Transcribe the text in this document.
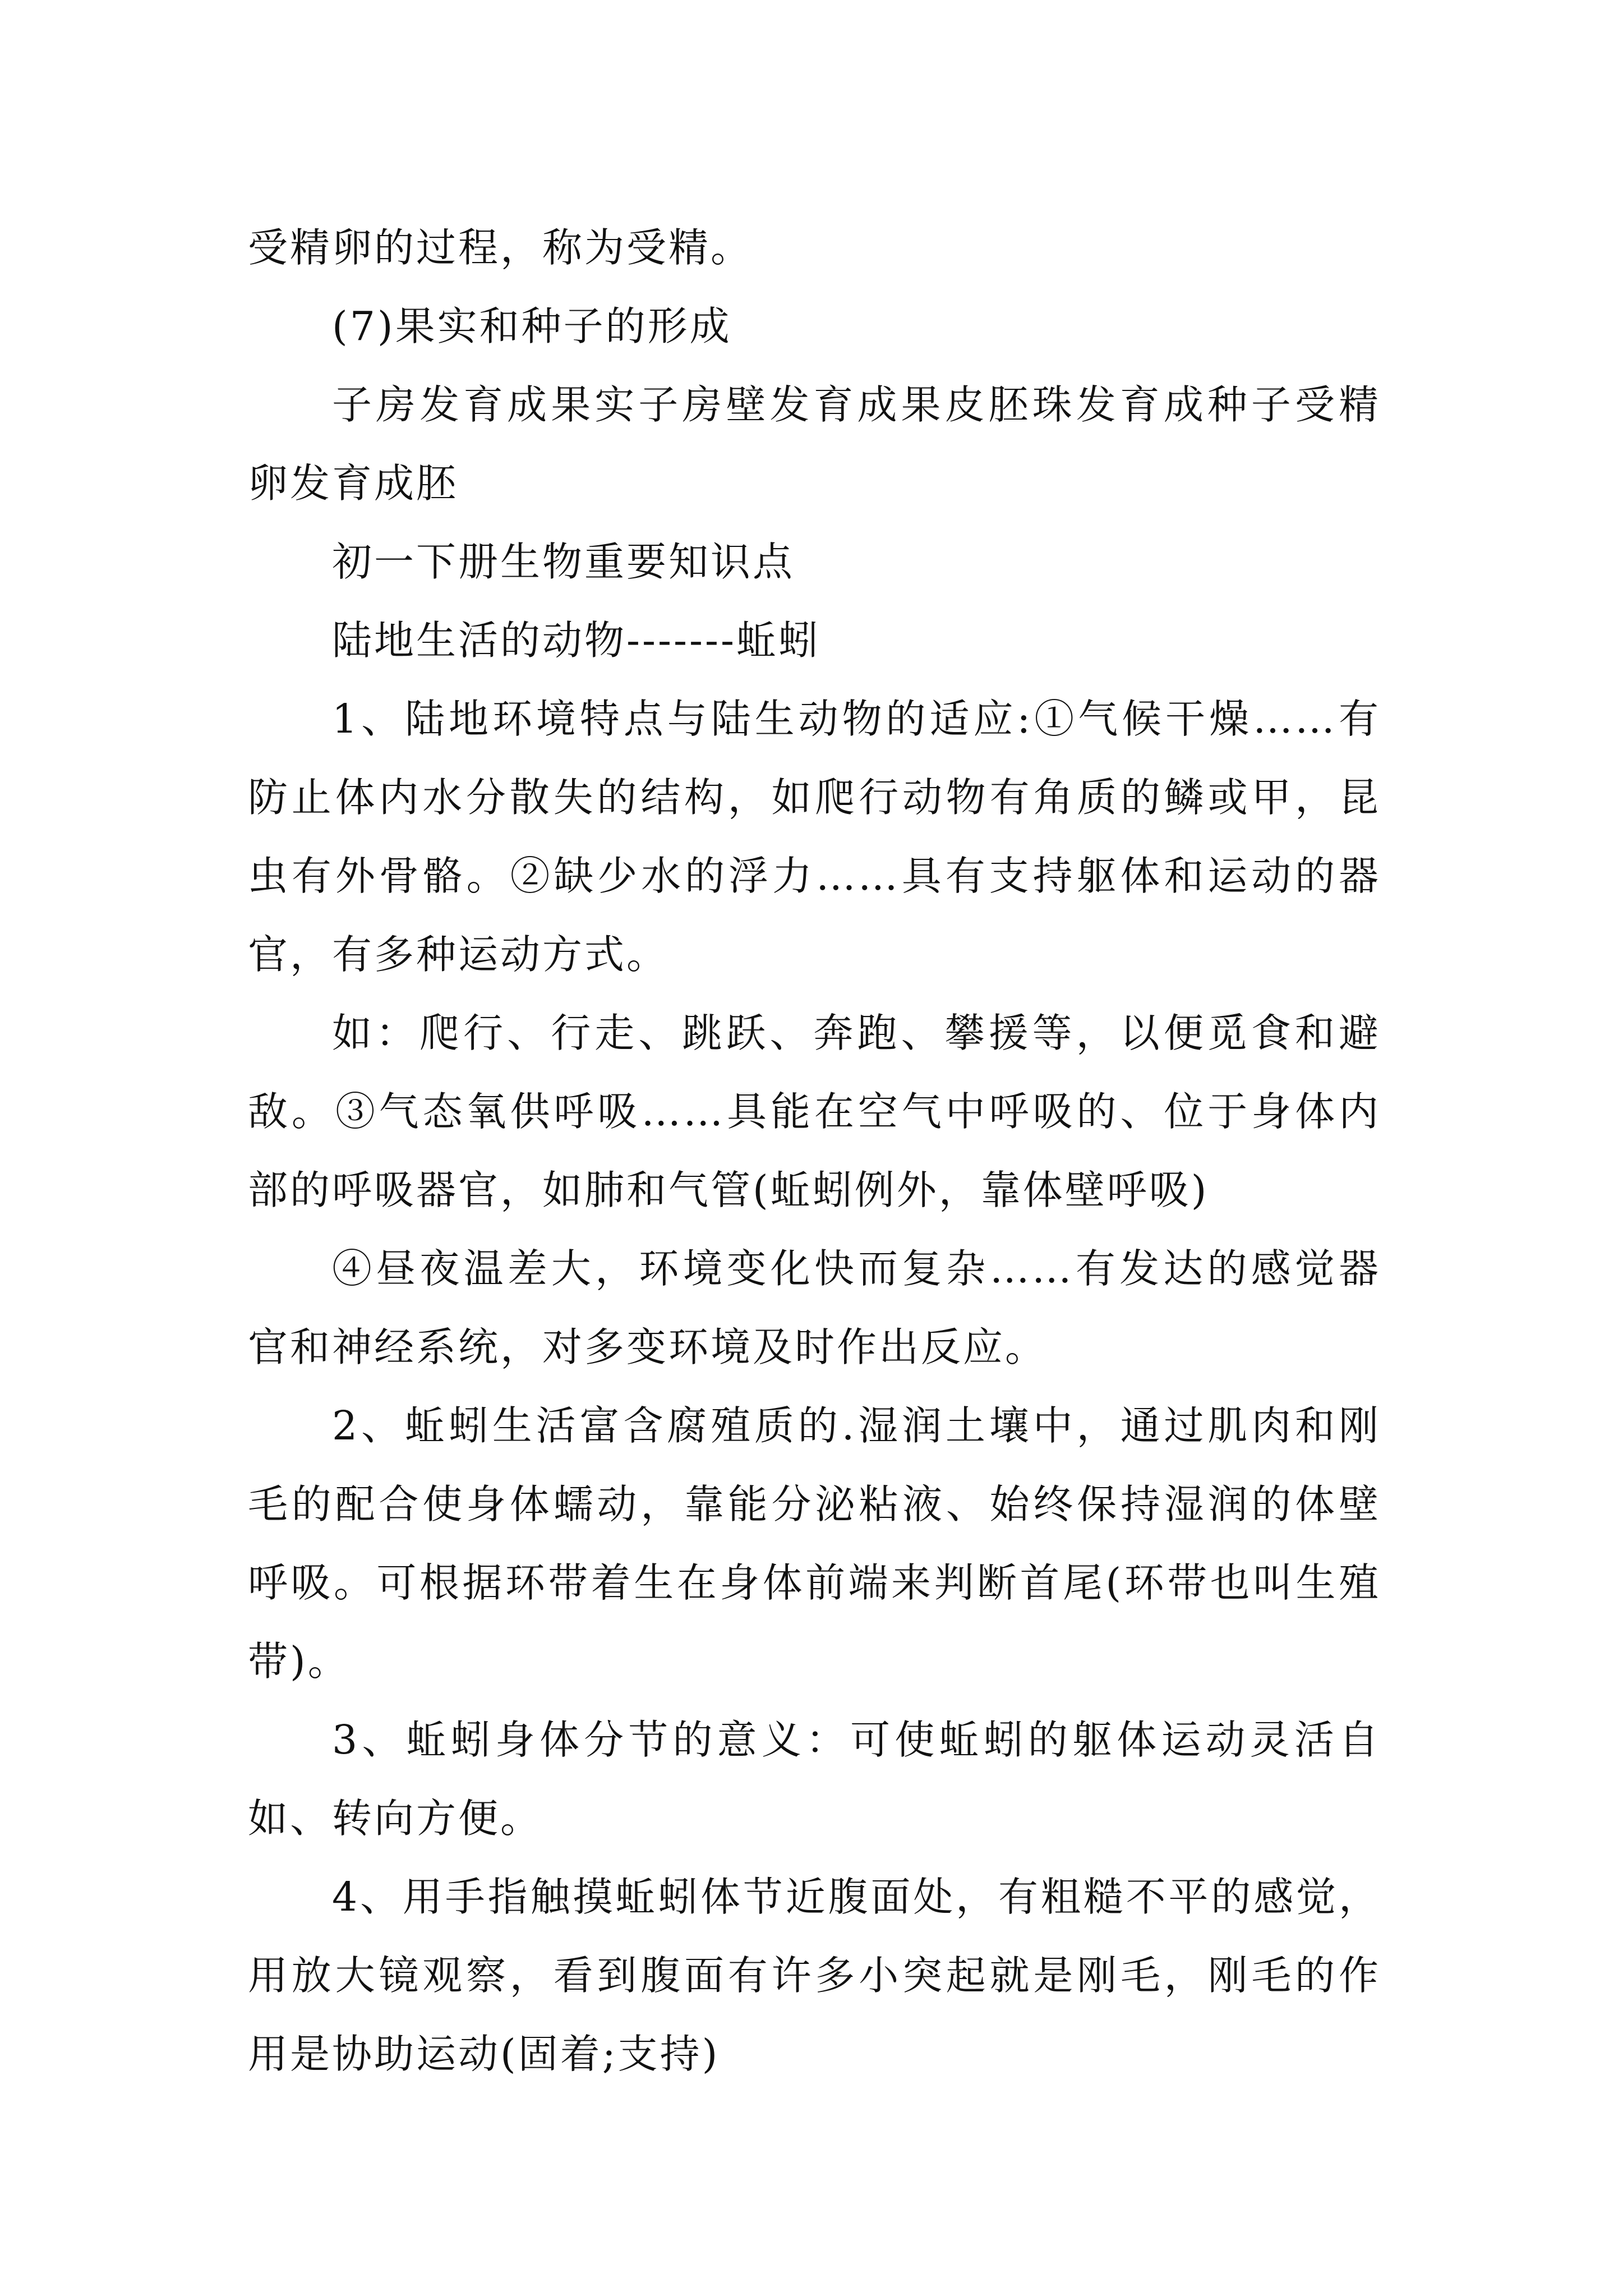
受精卵的过程，称为受精。

(7)果实和种子的形成

子房发育成果实子房壁发育成果皮胚珠发育成种子受精卵发育成胚

初一下册生物重要知识点

陆地生活的动物-------蚯蚓

1、陆地环境特点与陆生动物的适应:①气候干燥……有防止体内水分散失的结构，如爬行动物有角质的鳞或甲，昆虫有外骨骼。②缺少水的浮力……具有支持躯体和运动的器官，有多种运动方式。

如：爬行、行走、跳跃、奔跑、攀援等，以便觅食和避敌。③气态氧供呼吸……具能在空气中呼吸的、位于身体内部的呼吸器官，如肺和气管(蚯蚓例外，靠体壁呼吸)

④昼夜温差大，环境变化快而复杂……有发达的感觉器官和神经系统，对多变环境及时作出反应。

2、蚯蚓生活富含腐殖质的.湿润土壤中，通过肌肉和刚毛的配合使身体蠕动，靠能分泌粘液、始终保持湿润的体壁呼吸。可根据环带着生在身体前端来判断首尾(环带也叫生殖带)。

3、蚯蚓身体分节的意义：可使蚯蚓的躯体运动灵活自如、转向方便。

4、用手指触摸蚯蚓体节近腹面处，有粗糙不平的感觉，用放大镜观察，看到腹面有许多小突起就是刚毛，刚毛的作用是协助运动(固着;支持)
